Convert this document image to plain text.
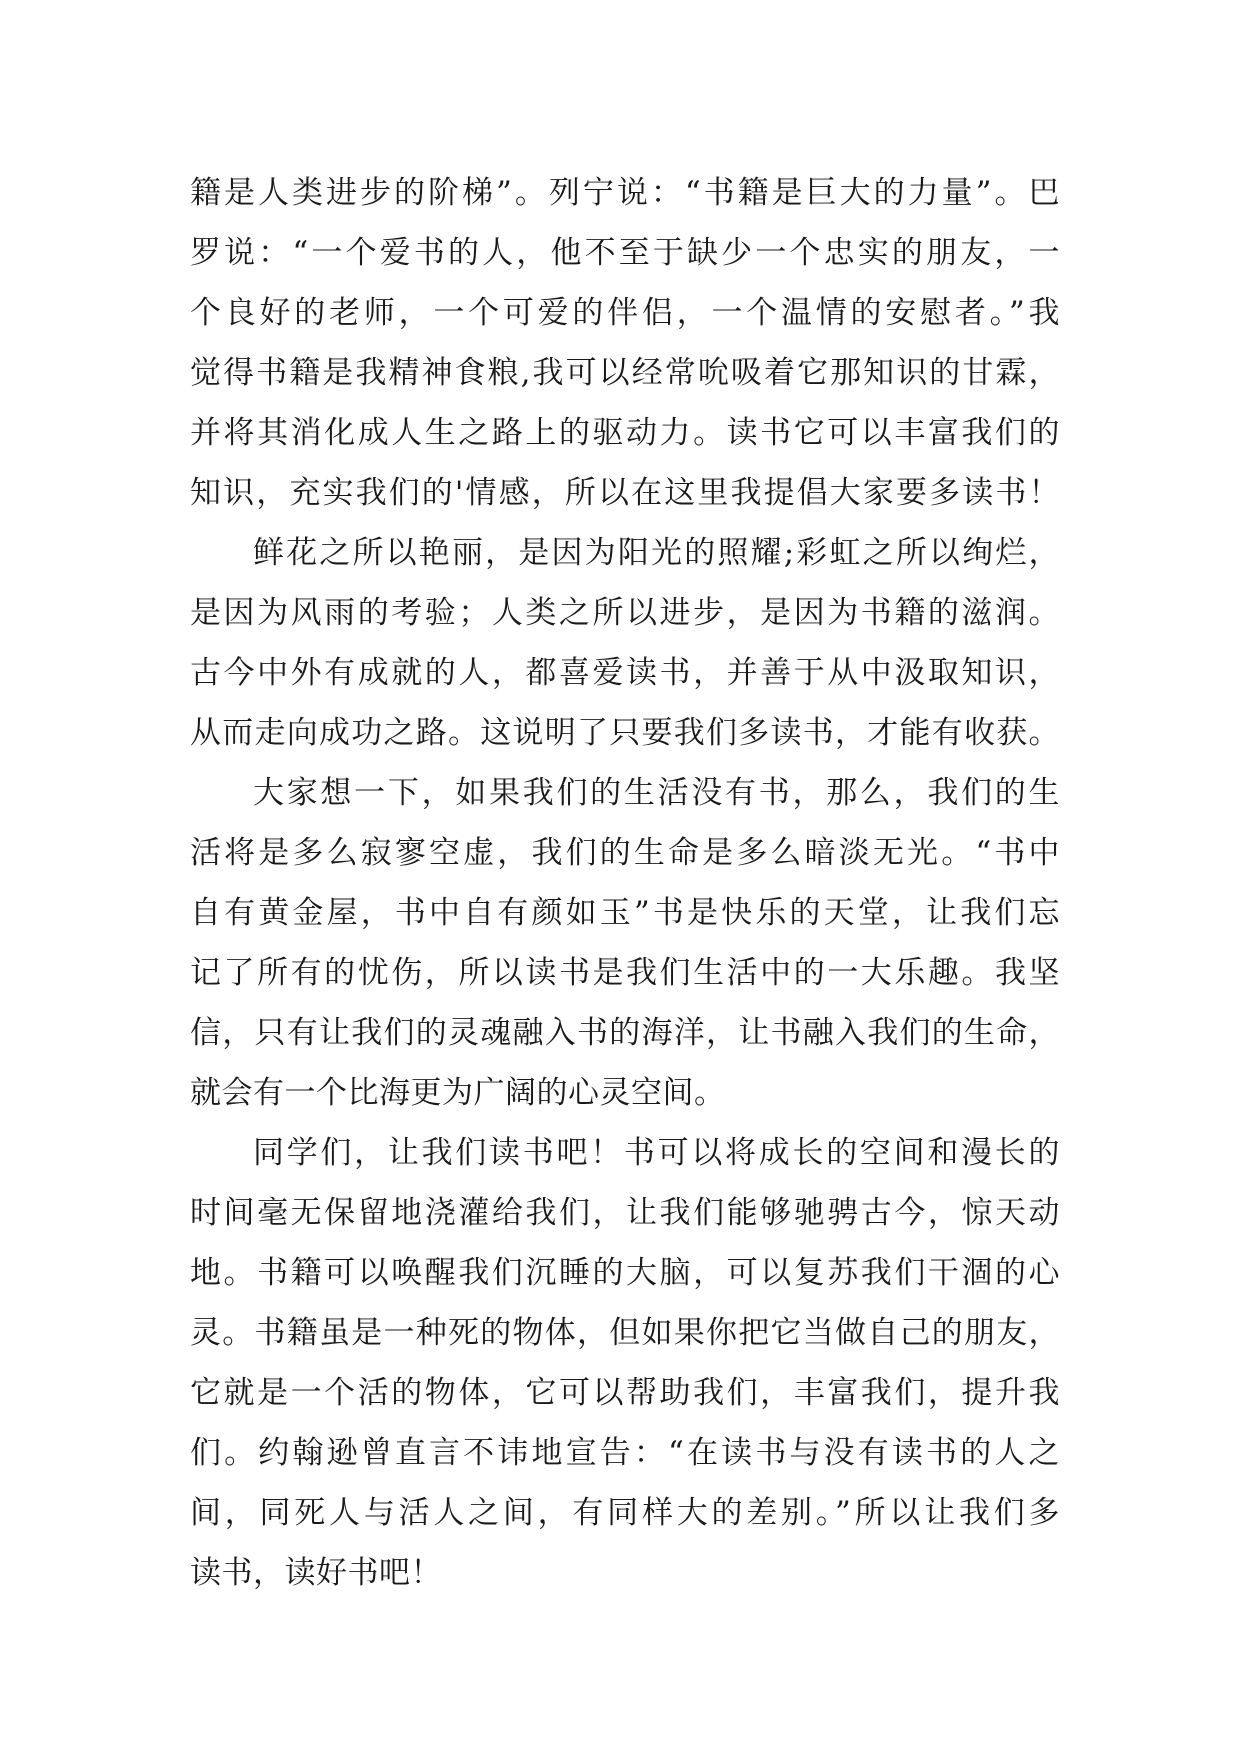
籍是人类进步的阶梯”。列宁说：“书籍是巨大的力量”。巴
罗说：“一个爱书的人，他不至于缺少一个忠实的朋友，一
个良好的老师，一个可爱的伴侣，一个温情的安慰者。”我
觉得书籍是我精神食粮,我可以经常吮吸着它那知识的甘霖，
并将其消化成人生之路上的驱动力。读书它可以丰富我们的
知识，充实我们的'情感，所以在这里我提倡大家要多读书！
鲜花之所以艳丽，是因为阳光的照耀;彩虹之所以绚烂，
是因为风雨的考验；人类之所以进步，是因为书籍的滋润。
古今中外有成就的人，都喜爱读书，并善于从中汲取知识，
从而走向成功之路。这说明了只要我们多读书，才能有收获。
大家想一下，如果我们的生活没有书，那么，我们的生
活将是多么寂寥空虚，我们的生命是多么暗淡无光。“书中
自有黄金屋，书中自有颜如玉”书是快乐的天堂，让我们忘
记了所有的忧伤，所以读书是我们生活中的一大乐趣。我坚
信，只有让我们的灵魂融入书的海洋，让书融入我们的生命，
就会有一个比海更为广阔的心灵空间。
同学们，让我们读书吧！书可以将成长的空间和漫长的
时间毫无保留地浇灌给我们，让我们能够驰骋古今，惊天动
地。书籍可以唤醒我们沉睡的大脑，可以复苏我们干涸的心
灵。书籍虽是一种死的物体，但如果你把它当做自己的朋友，
它就是一个活的物体，它可以帮助我们，丰富我们，提升我
们。约翰逊曾直言不讳地宣告：“在读书与没有读书的人之
间，同死人与活人之间，有同样大的差别。”所以让我们多
读书，读好书吧！
